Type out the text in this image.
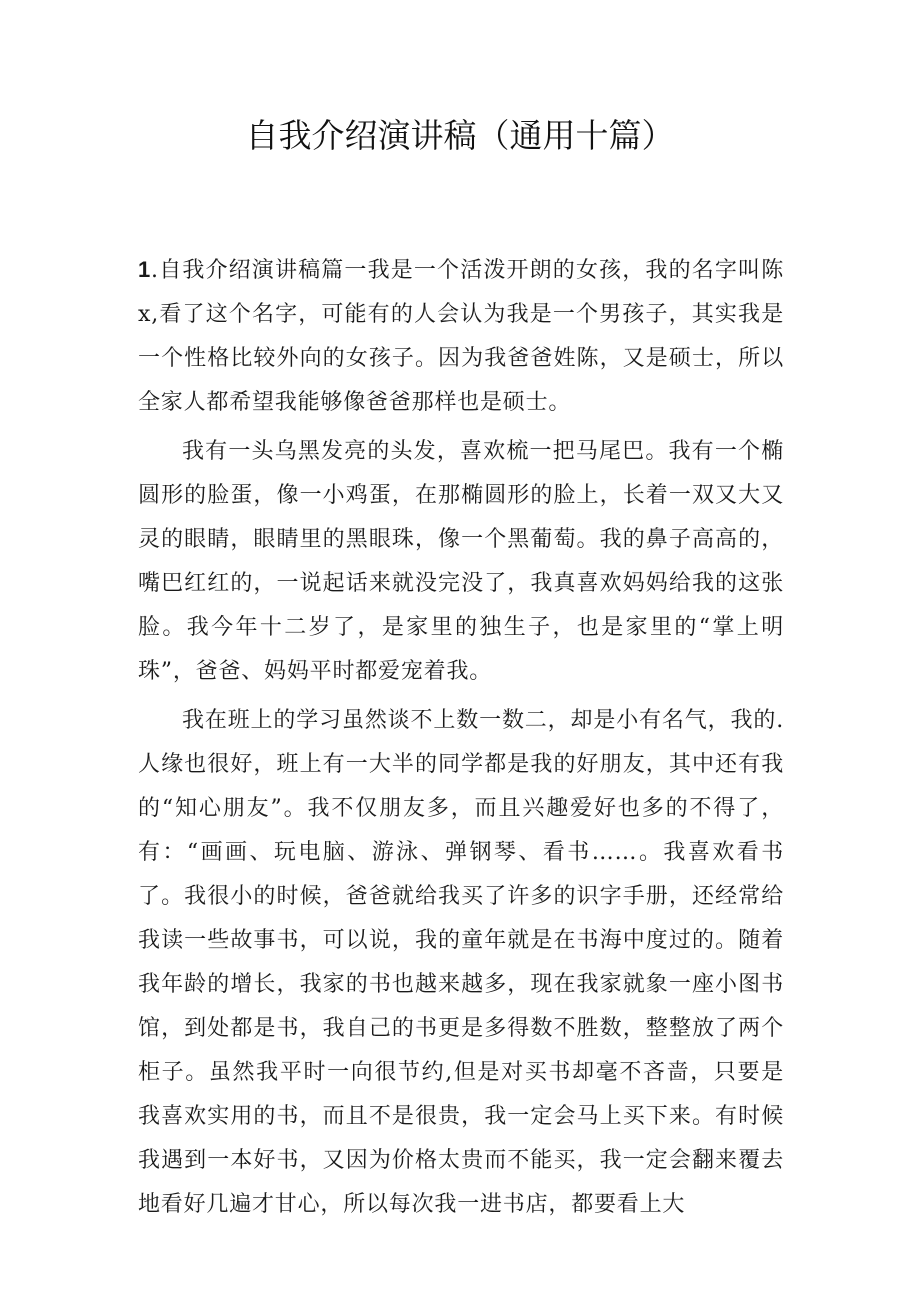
自我介绍演讲稿（通用十篇）

1.自我介绍演讲稿篇一我是一个活泼开朗的女孩，我的名字叫陈x,看了这个名字，可能有的人会认为我是一个男孩子，其实我是一个性格比较外向的女孩子。因为我爸爸姓陈，又是硕士，所以全家人都希望我能够像爸爸那样也是硕士。

我有一头乌黑发亮的头发，喜欢梳一把马尾巴。我有一个椭圆形的脸蛋，像一小鸡蛋，在那椭圆形的脸上，长着一双又大又灵的眼睛，眼睛里的黑眼珠，像一个黑葡萄。我的鼻子高高的，嘴巴红红的，一说起话来就没完没了，我真喜欢妈妈给我的这张脸。我今年十二岁了，是家里的独生子，也是家里的“掌上明珠”，爸爸、妈妈平时都爱宠着我。

我在班上的学习虽然谈不上数一数二，却是小有名气，我的.人缘也很好，班上有一大半的同学都是我的好朋友，其中还有我的“知心朋友”。我不仅朋友多，而且兴趣爱好也多的不得了，有：“画画、玩电脑、游泳、弹钢琴、看书……。我喜欢看书了。我很小的时候，爸爸就给我买了许多的识字手册，还经常给我读一些故事书，可以说，我的童年就是在书海中度过的。随着我年龄的增长，我家的书也越来越多，现在我家就象一座小图书馆，到处都是书，我自己的书更是多得数不胜数，整整放了两个柜子。虽然我平时一向很节约,但是对买书却毫不吝啬，只要是我喜欢实用的书，而且不是很贵，我一定会马上买下来。有时候我遇到一本好书，又因为价格太贵而不能买，我一定会翻来覆去地看好几遍才甘心，所以每次我一进书店，都要看上大
